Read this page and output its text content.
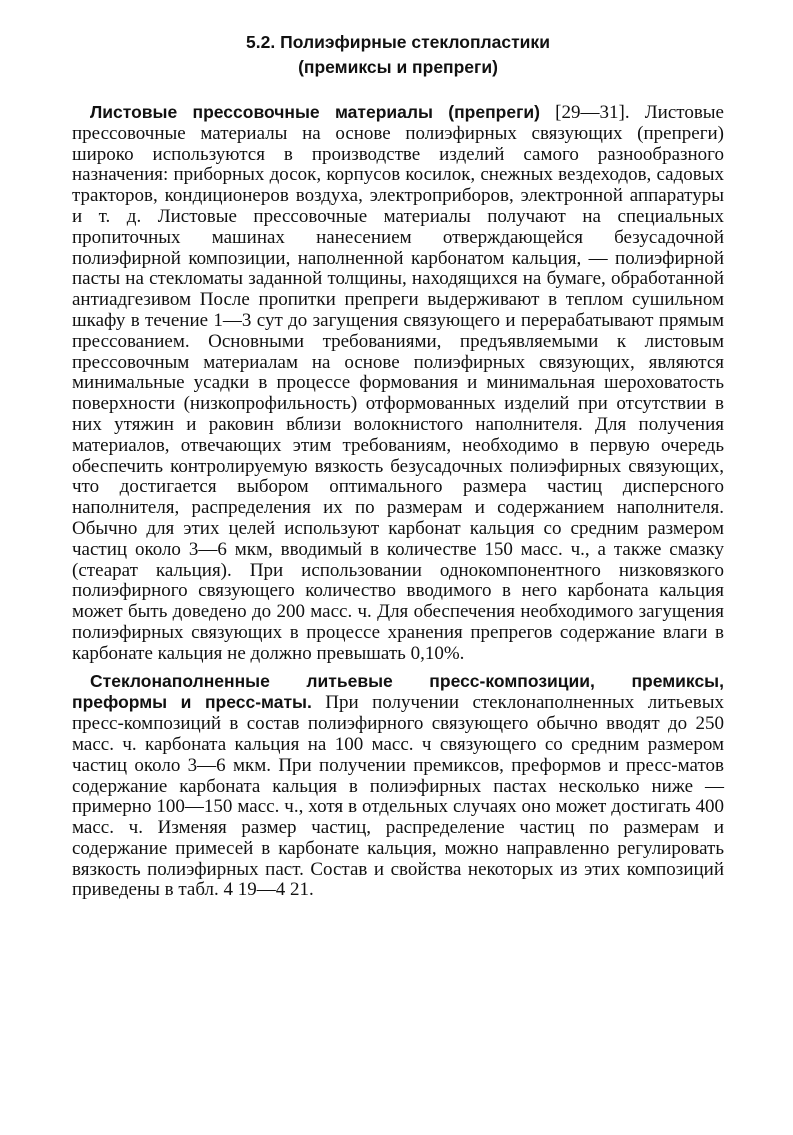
5.2. Полиэфирные стеклопластики
(премиксы и препреги)

Листовые прессовочные материалы (препреги) [29—31]. Листовые прессовочные материалы на основе полиэфирных связующих (препреги) широко используются в производстве изделий самого разнообразного назначения: приборных досок, корпусов косилок, снежных вездеходов, садовых тракторов, кондиционеров воздуха, электроприборов, электронной аппаратуры и т. д. Листовые прессовочные материалы получают на специальных пропиточных машинах нанесением отверждающейся безусадочной полиэфирной композиции, наполненной карбонатом кальция, — полиэфирной пасты на стекломаты заданной толщины, находящихся на бумаге, обработанной антиадгезивом После пропитки препреги выдерживают в теплом сушильном шкафу в течение 1—3 сут до загущения связующего и перерабатывают прямым прессованием. Основными требованиями, предъявляемыми к листовым прессовочным материалам на основе полиэфирных связующих, являются минимальные усадки в процессе формования и минимальная шероховатость поверхности (низкопрофильность) отформованных изделий при отсутствии в них утяжин и раковин вблизи волокнистого наполнителя. Для получения материалов, отвечающих этим требованиям, необходимо в первую очередь обеспечить контролируемую вязкость безусадочных полиэфирных связующих, что достигается выбором оптимального размера частиц дисперсного наполнителя, распределения их по размерам и содержанием наполнителя. Обычно для этих целей используют карбонат кальция со средним размером частиц около 3—6 мкм, вводимый в количестве 150 масс. ч., а также смазку (стеарат кальция). При использовании однокомпонентного низковязкого полиэфирного связующего количество вводимого в него карбоната кальция может быть доведено до 200 масс. ч. Для обеспечения необходимого загущения полиэфирных связующих в процессе хранения препрегов содержание влаги в карбонате кальция не должно превышать 0,10%.

Стеклонаполненные литьевые пресс-композиции, премиксы, преформы и пресс-маты. При получении стеклонаполненных литьевых пресс-композиций в состав полиэфирного связующего обычно вводят до 250 масс. ч. карбоната кальция на 100 масс. ч связующего со средним размером частиц около 3—6 мкм. При получении премиксов, преформов и пресс-матов содержание карбоната кальция в полиэфирных пастах несколько ниже — примерно 100—150 масс. ч., хотя в отдельных случаях оно может достигать 400 масс. ч. Изменяя размер частиц, распределение частиц по размерам и содержание примесей в карбонате кальция, можно направленно регулировать вязкость полиэфирных паст. Состав и свойства некоторых из этих композиций приведены в табл. 4 19—4 21.
